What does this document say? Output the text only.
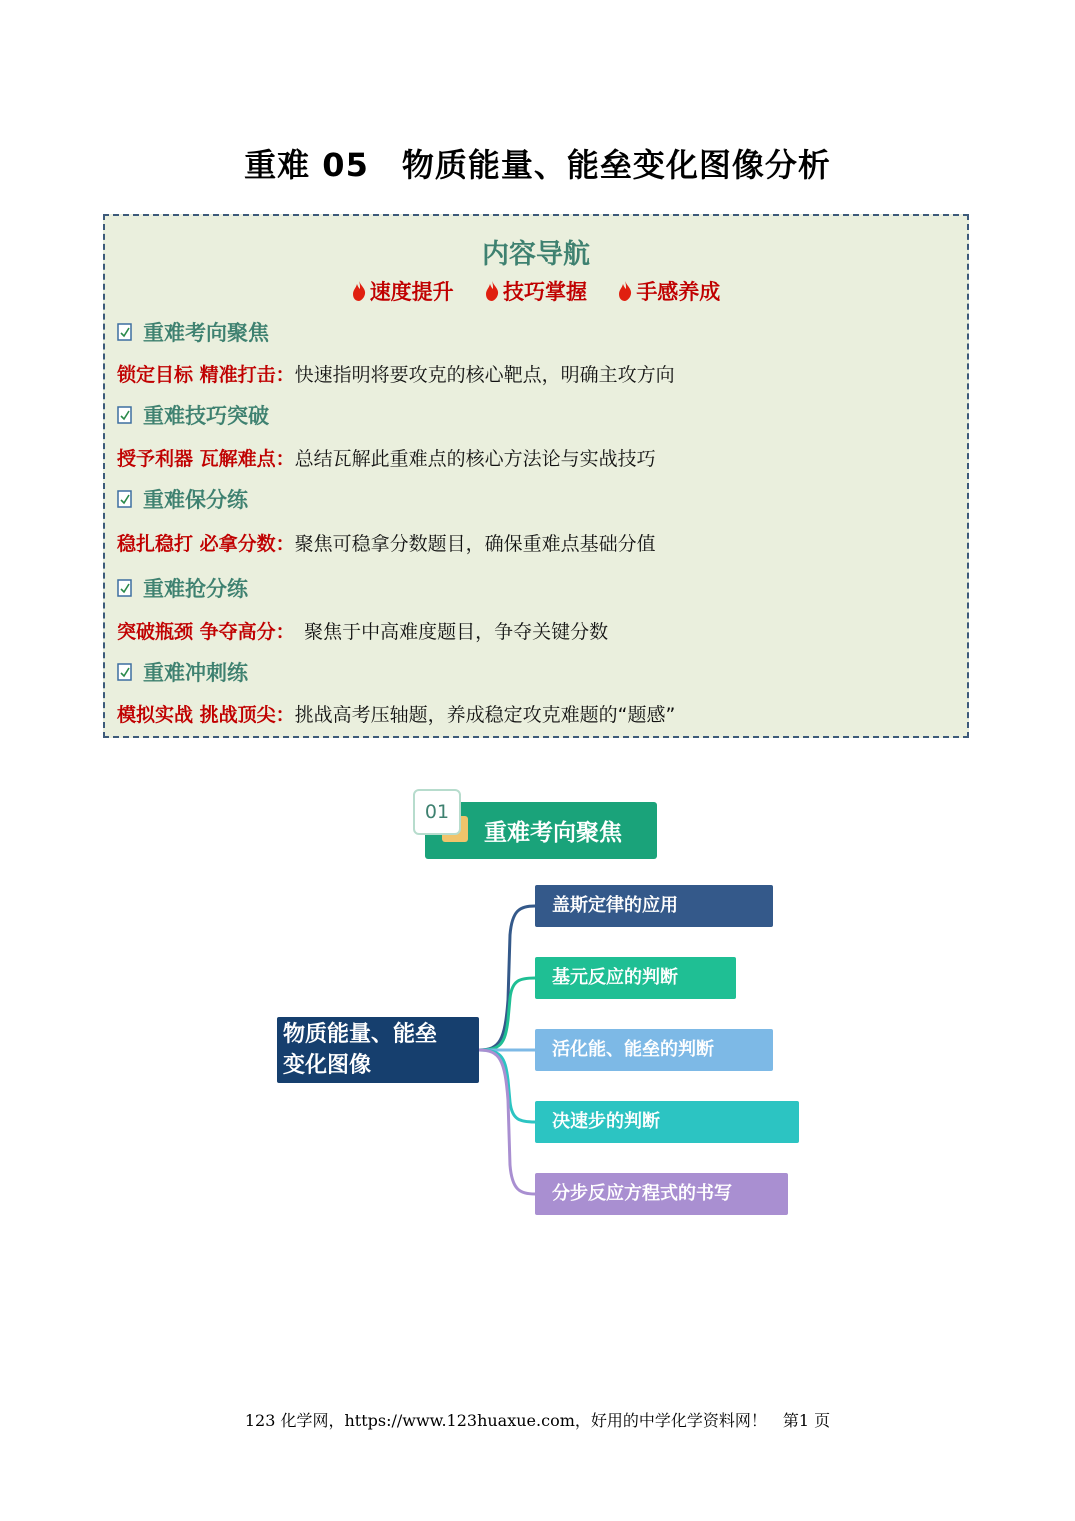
重难 05　物质能量、能垒变化图像分析
内容导航
速度提升 技巧掌握 手感养成
重难考向聚焦
锁定目标 精准打击：快速指明将要攻克的核心靶点，明确主攻方向
重难技巧突破
授予利器 瓦解难点：总结瓦解此重难点的核心方法论与实战技巧
重难保分练
稳扎稳打 必拿分数：聚焦可稳拿分数题目，确保重难点基础分值
重难抢分练
突破瓶颈 争夺高分：　聚焦于中高难度题目，争夺关键分数
重难冲刺练
模拟实战 挑战顶尖：挑战高考压轴题，养成稳定攻克难题的“题感”
重难考向聚焦
01
物质能量、能垒
变化图像
盖斯定律的应用
基元反应的判断
活化能、能垒的判断
决速步的判断
分步反应方程式的书写
123 化学网，https://www.123huaxue.com，好用的中学化学资料网！　第1 页
